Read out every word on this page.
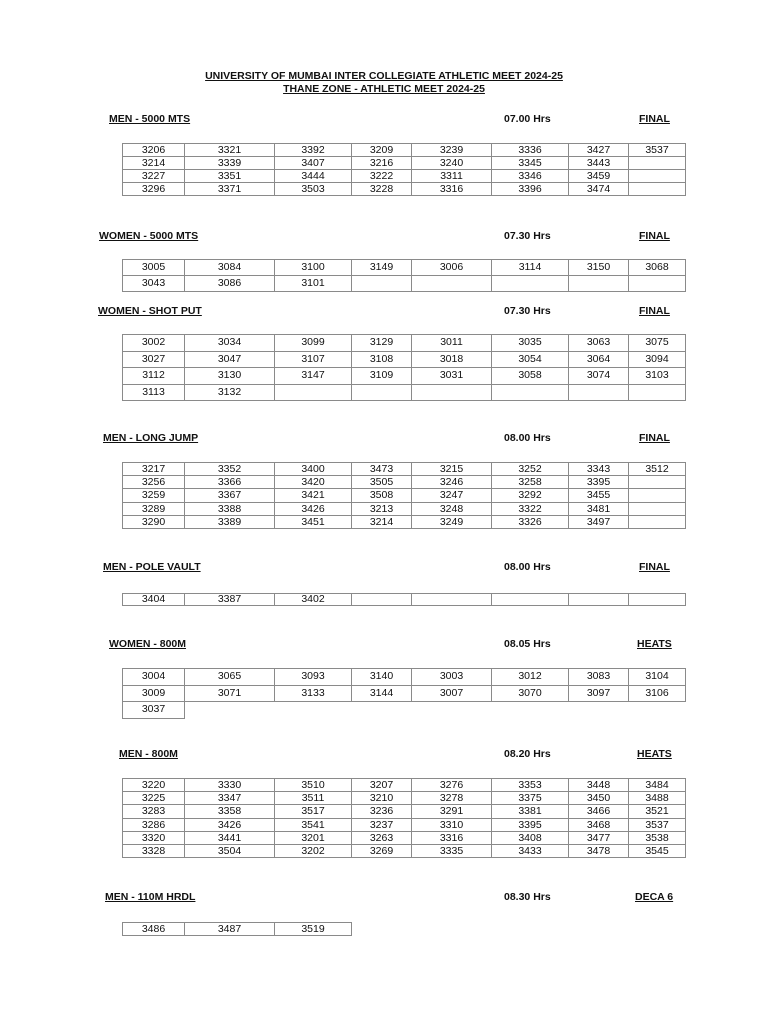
UNIVERSITY OF MUMBAI INTER COLLEGIATE ATHLETIC MEET 2024-25
THANE ZONE - ATHLETIC MEET 2024-25
MEN - 5000 MTS	07.00 Hrs	FINAL
3206	3321	3392	3209	3239	3336	3427	3537
3214	3339	3407	3216	3240	3345	3443	
3227	3351	3444	3222	3311	3346	3459	
3296	3371	3503	3228	3316	3396	3474	
WOMEN - 5000 MTS	07.30 Hrs	FINAL
3005	3084	3100	3149	3006	3114	3150	3068
3043	3086	3101					
WOMEN - SHOT PUT	07.30 Hrs	FINAL
3002	3034	3099	3129	3011	3035	3063	3075
3027	3047	3107	3108	3018	3054	3064	3094
3112	3130	3147	3109	3031	3058	3074	3103
3113	3132						
MEN - LONG JUMP	08.00 Hrs	FINAL
3217	3352	3400	3473	3215	3252	3343	3512
3256	3366	3420	3505	3246	3258	3395	
3259	3367	3421	3508	3247	3292	3455	
3289	3388	3426	3213	3248	3322	3481	
3290	3389	3451	3214	3249	3326	3497	
MEN - POLE VAULT	08.00 Hrs	FINAL
3404	3387	3402					
WOMEN - 800M	08.05 Hrs	HEATS
3004	3065	3093	3140	3003	3012	3083	3104
3009	3071	3133	3144	3007	3070	3097	3106
3037							
MEN - 800M	08.20 Hrs	HEATS
3220	3330	3510	3207	3276	3353	3448	3484
3225	3347	3511	3210	3278	3375	3450	3488
3283	3358	3517	3236	3291	3381	3466	3521
3286	3426	3541	3237	3310	3395	3468	3537
3320	3441	3201	3263	3316	3408	3477	3538
3328	3504	3202	3269	3335	3433	3478	3545
MEN - 110M HRDL	08.30 Hrs	DECA 6
3486	3487	3519
